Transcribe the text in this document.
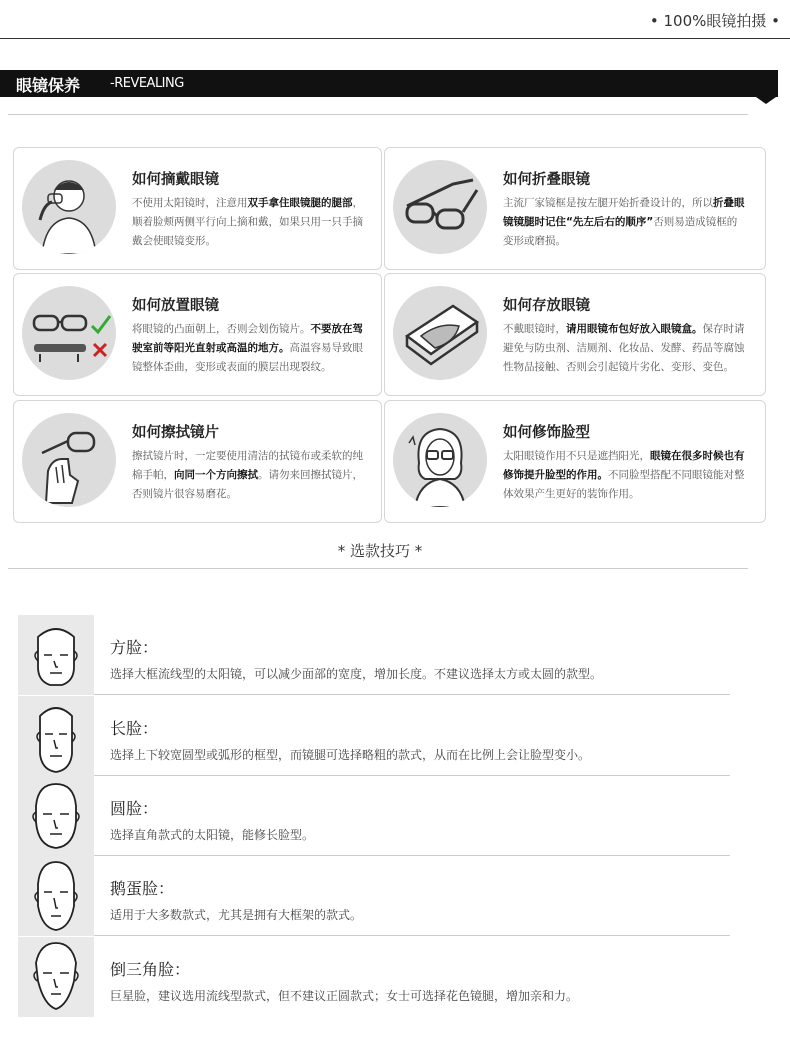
• 100%眼镜拍摄 •
眼镜保养 -REVEALING
如何摘戴眼镜
不使用太阳镜时，注意用双手拿住眼镜腿的腿部，顺着脸颊两侧平行向上摘和戴，如果只用一只手摘戴会使眼镜变形。
如何折叠眼镜
主流厂家镜框是按左腿开始折叠设计的，所以折叠眼镜镜腿时记住“先左后右的顺序”否则易造成镜框的变形或磨损。
如何放置眼镜
将眼镜的凸面朝上，否则会划伤镜片。不要放在驾驶室前等阳光直射或高温的地方。高温容易导致眼镜整体歪曲，变形或表面的膜层出现裂纹。
如何存放眼镜
不戴眼镜时，请用眼镜布包好放入眼镜盒。保存时请避免与防虫剂、洁厕剂、化妆品、发酵、药品等腐蚀性物品接触、否则会引起镜片劣化、变形、变色。
如何擦拭镜片
擦拭镜片时，一定要使用清洁的拭镜布或柔软的纯棉手帕，向同一个方向擦拭。请勿来回擦拭镜片，否则镜片很容易磨花。
如何修饰脸型
太阳眼镜作用不只是遮挡阳光，眼镜在很多时候也有修饰提升脸型的作用。不同脸型搭配不同眼镜能对整体效果产生更好的装饰作用。
* 选款技巧 *
方脸：
选择大框流线型的太阳镜，可以减少面部的宽度，增加长度。不建议选择太方或太圆的款型。
长脸：
选择上下较宽圆型或弧形的框型，而镜腿可选择略粗的款式，从而在比例上会让脸型变小。
圆脸：
选择直角款式的太阳镜，能修长脸型。
鹅蛋脸：
适用于大多数款式，尤其是拥有大框架的款式。
倒三角脸：
巨星脸，建议选用流线型款式，但不建议正圆款式；女士可选择花色镜腿，增加亲和力。
